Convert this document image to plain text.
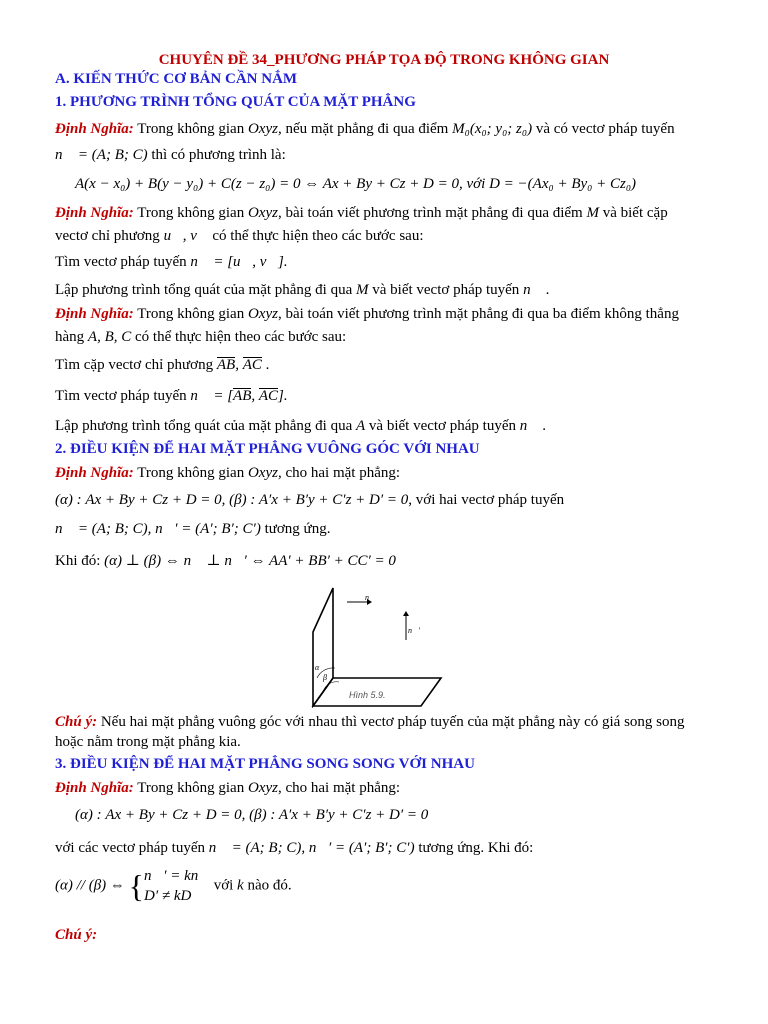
CHUYÊN ĐỀ 34_PHƯƠNG PHÁP TỌA ĐỘ TRONG KHÔNG GIAN
A. KIẾN THỨC CƠ BẢN CẦN NẮM
1. PHƯƠNG TRÌNH TỔNG QUÁT CỦA MẶT PHẲNG
Định Nghĩa: Trong không gian Oxyz, nếu mặt phẳng đi qua điểm M₀(x₀; y₀; z₀) và có vectơ pháp tuyến
n⃗ = (A; B; C) thì có phương trình là:
A(x − x₀) + B(y − y₀) + C(z − z₀) = 0 ⇔ Ax + By + Cz + D = 0, với D = −(Ax₀ + By₀ + Cz₀)
Định Nghĩa: Trong không gian Oxyz, bài toán viết phương trình mặt phẳng đi qua điểm M và biết cặp
vectơ chỉ phương u⃗, v⃗ có thể thực hiện theo các bước sau:
Tìm vectơ pháp tuyến n⃗ = [u⃗, v⃗].
Lập phương trình tổng quát của mặt phẳng đi qua M và biết vectơ pháp tuyến n⃗ .
Định Nghĩa: Trong không gian Oxyz, bài toán viết phương trình mặt phẳng đi qua ba điểm không thẳng
hàng A, B, C có thể thực hiện theo các bước sau:
Tìm cặp vectơ chỉ phương AB, AC .
Tìm vectơ pháp tuyến n⃗ = [AB, AC].
Lập phương trình tổng quát của mặt phẳng đi qua A và biết vectơ pháp tuyến n⃗ .
2. ĐIỀU KIỆN ĐỂ HAI MẶT PHẲNG VUÔNG GÓC VỚI NHAU
Định Nghĩa: Trong không gian Oxyz, cho hai mặt phẳng:
(α) : Ax + By + Cz + D = 0, (β) : A′x + B′y + C′z + D′ = 0, với hai vectơ pháp tuyến
n⃗ = (A; B; C), n⃗′ = (A′; B′; C′) tương ứng.
Khi đó: (α) ⊥ (β) ⇔ n⃗ ⊥ n⃗′ ⇔ AA′ + BB′ + CC′ = 0
n⃗
n⃗′
α
β
Hình 5.9.
Chú ý: Nếu hai mặt phẳng vuông góc với nhau thì vectơ pháp tuyến của mặt phẳng này có giá song song
hoặc nằm trong mặt phẳng kia.
3. ĐIỀU KIỆN ĐỂ HAI MẶT PHẲNG SONG SONG VỚI NHAU
Định Nghĩa: Trong không gian Oxyz, cho hai mặt phẳng:
(α) : Ax + By + Cz + D = 0, (β) : A′x + B′y + C′z + D′ = 0
với các vectơ pháp tuyến n⃗ = (A; B; C), n⃗′ = (A′; B′; C′) tương ứng. Khi đó:
(α) // (β) ⇔ { n⃗′ = kn⃗
D′ ≠ kD
với k nào đó.
Chú ý:
